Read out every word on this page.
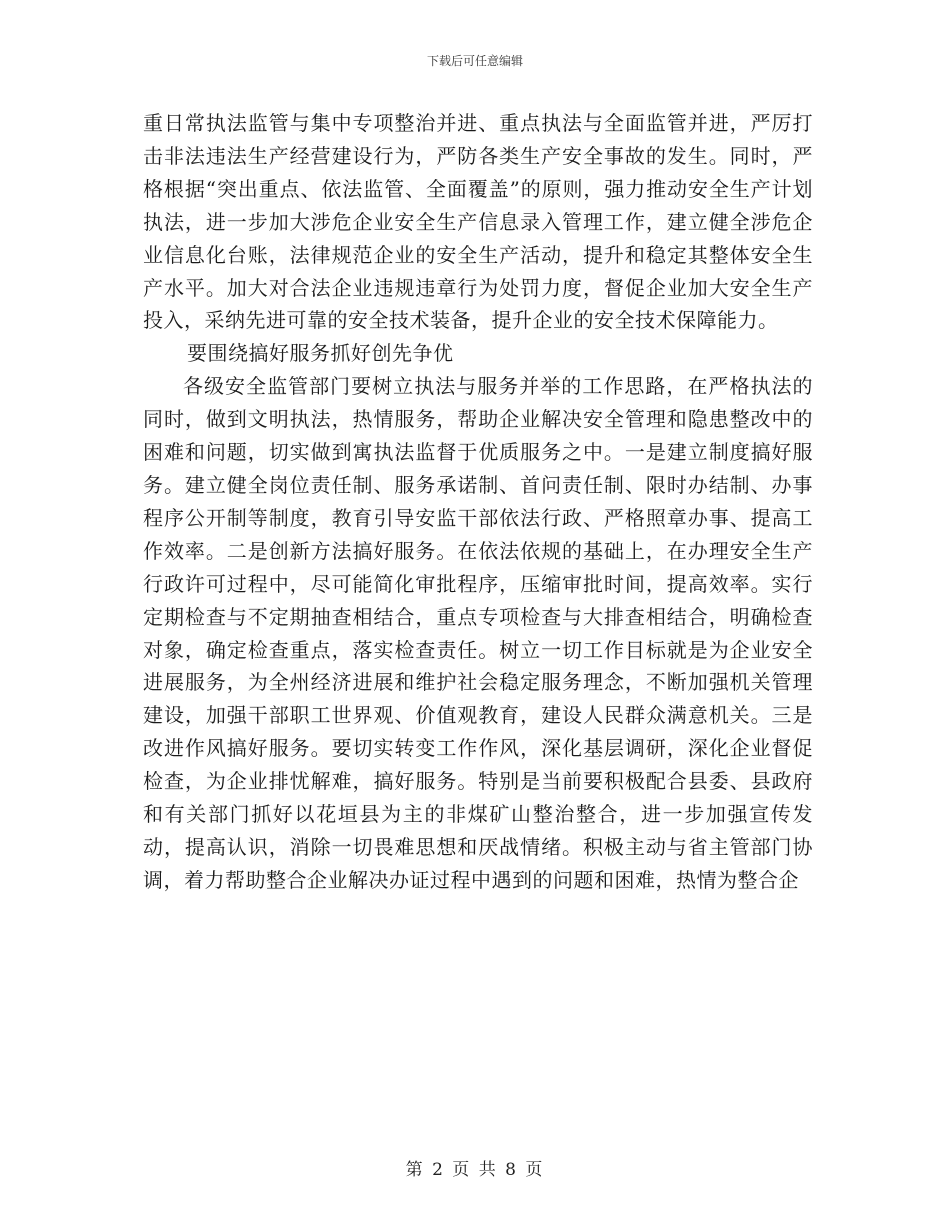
下载后可任意编辑

重日常执法监管与集中专项整治并进、重点执法与全面监管并进，严厉打击非法违法生产经营建设行为，严防各类生产安全事故的发生。同时，严格根据“突出重点、依法监管、全面覆盖”的原则，强力推动安全生产计划执法，进一步加大涉危企业安全生产信息录入管理工作，建立健全涉危企业信息化台账，法律规范企业的安全生产活动，提升和稳定其整体安全生产水平。加大对合法企业违规违章行为处罚力度，督促企业加大安全生产投入，采纳先进可靠的安全技术装备，提升企业的安全技术保障能力。

要围绕搞好服务抓好创先争优

各级安全监管部门要树立执法与服务并举的工作思路，在严格执法的同时，做到文明执法，热情服务，帮助企业解决安全管理和隐患整改中的困难和问题，切实做到寓执法监督于优质服务之中。一是建立制度搞好服务。建立健全岗位责任制、服务承诺制、首问责任制、限时办结制、办事程序公开制等制度，教育引导安监干部依法行政、严格照章办事、提高工作效率。二是创新方法搞好服务。在依法依规的基础上，在办理安全生产行政许可过程中，尽可能简化审批程序，压缩审批时间，提高效率。实行定期检查与不定期抽查相结合，重点专项检查与大排查相结合，明确检查对象，确定检查重点，落实检查责任。树立一切工作目标就是为企业安全进展服务，为全州经济进展和维护社会稳定服务理念，不断加强机关管理建设，加强干部职工世界观、价值观教育，建设人民群众满意机关。三是改进作风搞好服务。要切实转变工作作风，深化基层调研，深化企业督促检查，为企业排忧解难，搞好服务。特别是当前要积极配合县委、县政府和有关部门抓好以花垣县为主的非煤矿山整治整合，进一步加强宣传发动，提高认识，消除一切畏难思想和厌战情绪。积极主动与省主管部门协调，着力帮助整合企业解决办证过程中遇到的问题和困难，热情为整合企

第 2 页 共 8 页
